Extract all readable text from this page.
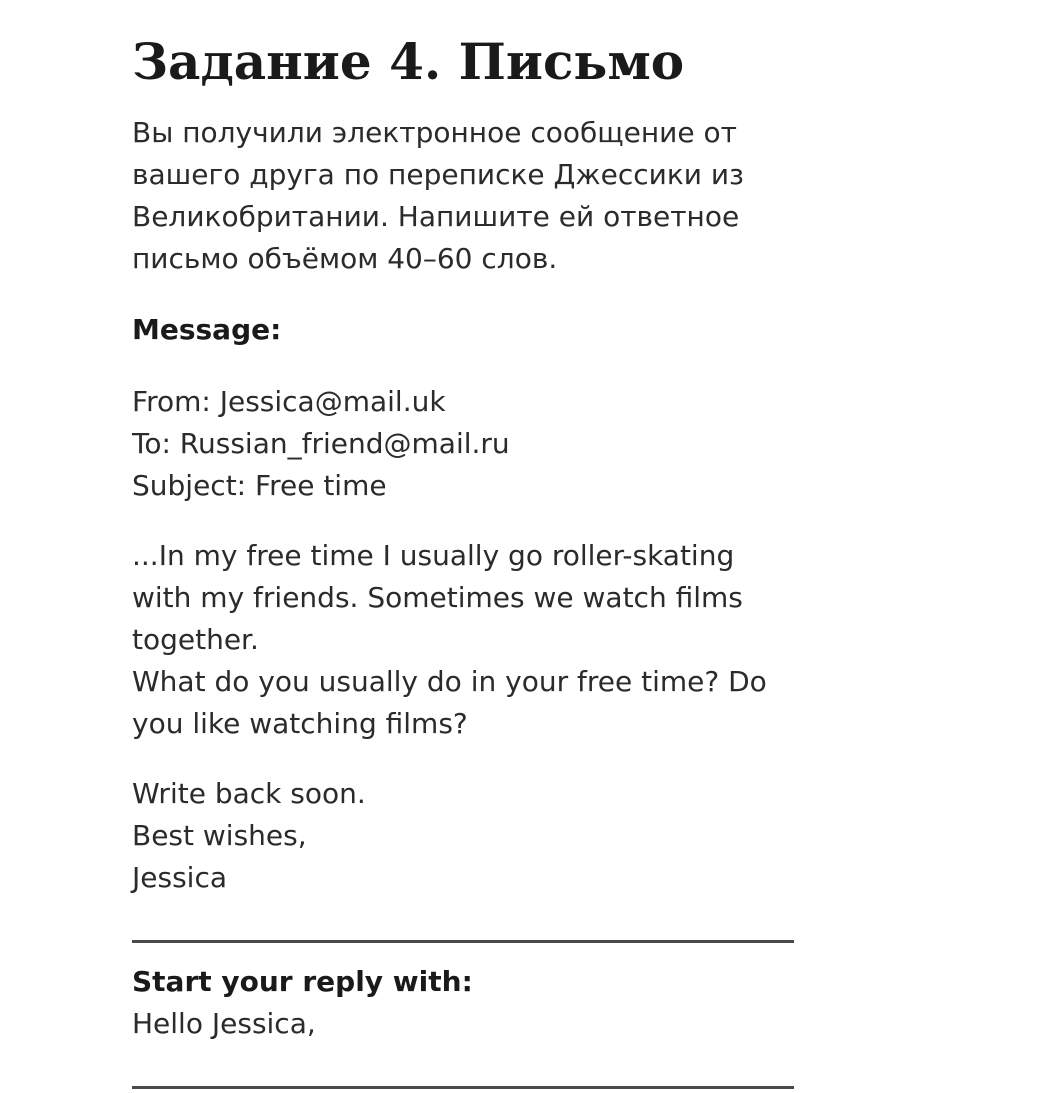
Задание 4. Письмо
Вы получили электронное сообщение от
вашего друга по переписке Джессики из
Великобритании. Напишите ей ответное
письмо объёмом 40–60 слов.
Message:
From: Jessica@mail.uk
To: Russian_friend@mail.ru
Subject: Free time
...In my free time I usually go roller-skating
with my friends. Sometimes we watch films
together.
What do you usually do in your free time? Do
you like watching films?
Write back soon.
Best wishes,
Jessica
Start your reply with:
Hello Jessica,
